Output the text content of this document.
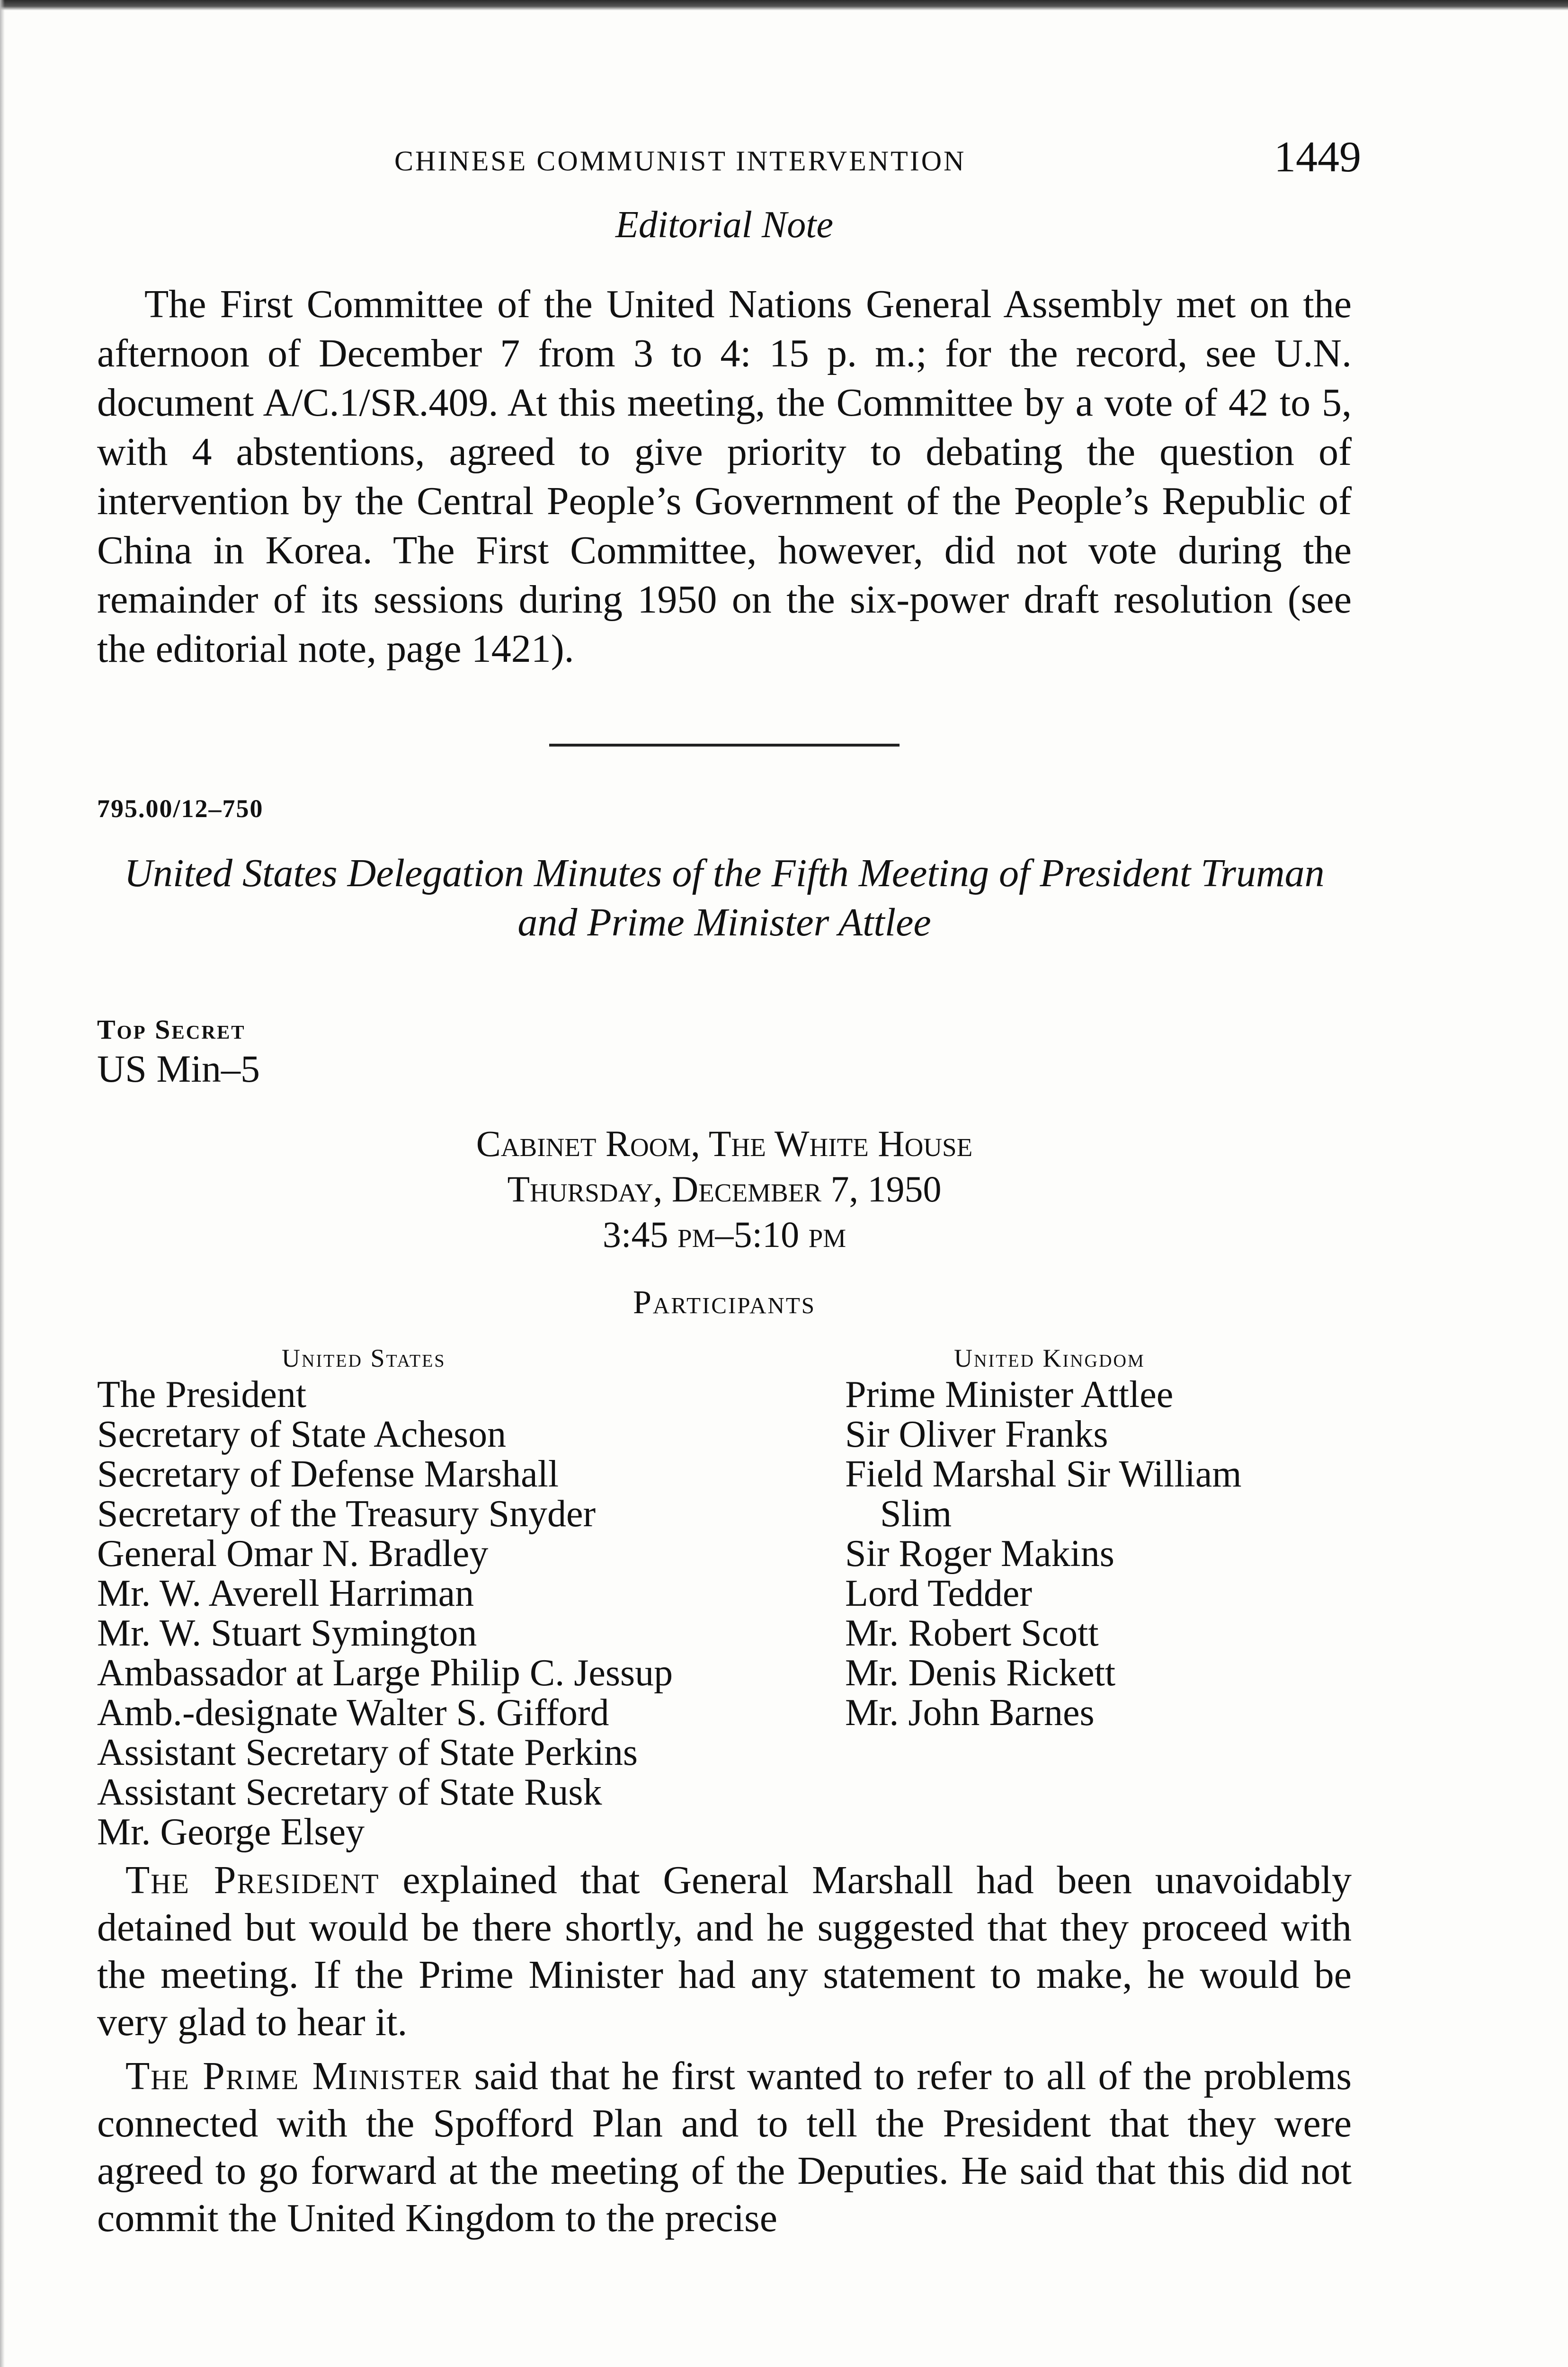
CHINESE COMMUNIST INTERVENTION	1449
Editorial Note

The First Committee of the United Nations General Assembly met on the afternoon of December 7 from 3 to 4: 15 p. m.; for the record, see U.N. document A/C.1/SR.409. At this meeting, the Committee by a vote of 42 to 5, with 4 abstentions, agreed to give priority to debating the question of intervention by the Central People’s Government of the People’s Republic of China in Korea. The First Committee, however, did not vote during the remainder of its sessions during 1950 on the six-power draft resolution (see the editorial note, page 1421).

795.00/12–750
United States Delegation Minutes of the Fifth Meeting of President Truman and Prime Minister Attlee
Top Secret
US Min–5
Cabinet Room, The White House
Thursday, December 7, 1950
3:45 pm–5:10 pm
Participants
United States
The President
Secretary of State Acheson
Secretary of Defense Marshall
Secretary of the Treasury Snyder
General Omar N. Bradley
Mr. W. Averell Harriman
Mr. W. Stuart Symington
Ambassador at Large Philip C. Jessup
Amb.-designate Walter S. Gifford
Assistant Secretary of State Perkins
Assistant Secretary of State Rusk
Mr. George Elsey
United Kingdom
Prime Minister Attlee
Sir Oliver Franks
Field Marshal Sir William
Slim
Sir Roger Makins
Lord Tedder
Mr. Robert Scott
Mr. Denis Rickett
Mr. John Barnes

The President explained that General Marshall had been unavoidably detained but would be there shortly, and he suggested that they proceed with the meeting. If the Prime Minister had any statement to make, he would be very glad to hear it.

The Prime Minister said that he first wanted to refer to all of the problems connected with the Spofford Plan and to tell the President that they were agreed to go forward at the meeting of the Deputies. He said that this did not commit the United Kingdom to the precise
